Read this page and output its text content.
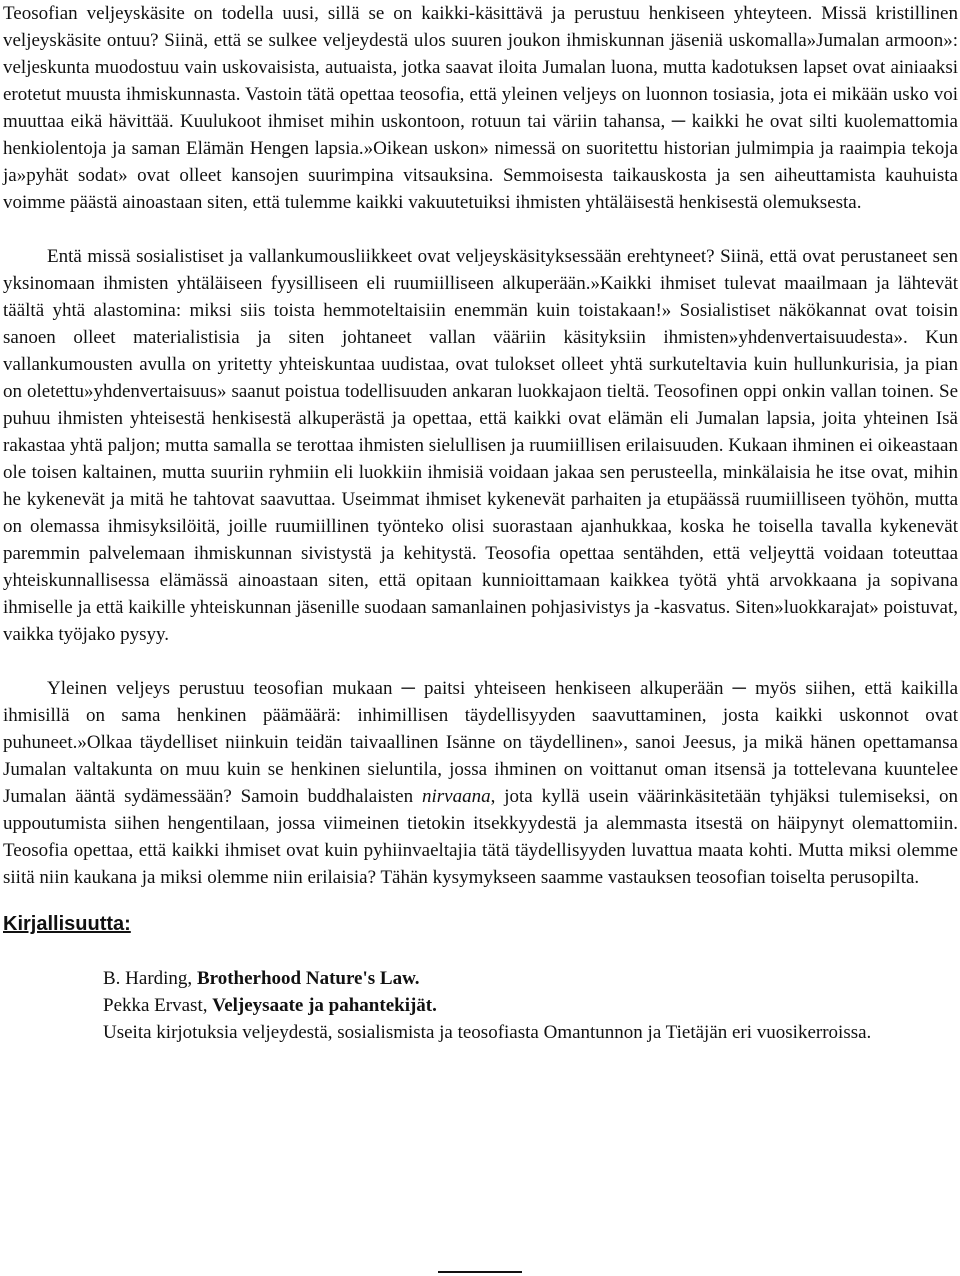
Teosofian veljeyskäsite on todella uusi, sillä se on kaikki-käsittävä ja perustuu henkiseen yhteyteen. Missä kristillinen veljeyskäsite ontuu? Siinä, että se sulkee veljeydestä ulos suuren joukon ihmiskunnan jäseniä uskomalla»Jumalan armoon»: veljeskunta muodostuu vain uskovaisista, autuaista, jotka saavat iloita Jumalan luona, mutta kadotuksen lapset ovat ainiaaksi erotetut muusta ihmiskunnasta. Vastoin tätä opettaa teosofia, että yleinen veljeys on luonnon tosiasia, jota ei mikään usko voi muuttaa eikä hävittää. Kuulukoot ihmiset mihin uskontoon, rotuun tai väriin tahansa, ─ kaikki he ovat silti kuolemattomia henkiolentoja ja saman Elämän Hengen lapsia.»Oikean uskon» nimessä on suoritettu historian julmimpia ja raaimpia tekoja ja»pyhät sodat» ovat olleet kansojen suurimpina vitsauksina. Semmoisesta taikauskosta ja sen aiheuttamista kauhuista voimme päästä ainoastaan siten, että tulemme kaikki vakuutetuiksi ihmisten yhtäläisestä henkisestä olemuksesta.

Entä missä sosialistiset ja vallankumousliikkeet ovat veljeyskäsityksessään erehtyneet? Siinä, että ovat perustaneet sen yksinomaan ihmisten yhtäläiseen fyysilliseen eli ruumiilliseen alkuperään.»Kaikki ihmiset tulevat maailmaan ja lähtevät täältä yhtä alastomina: miksi siis toista hemmoteltaisiin enemmän kuin toistakaan!» Sosialistiset näkökannat ovat toisin sanoen olleet materialistisia ja siten johtaneet vallan vääriin käsityksiin ihmisten»yhdenvertaisuudesta». Kun vallankumousten avulla on yritetty yhteiskuntaa uudistaa, ovat tulokset olleet yhtä surkuteltavia kuin hullunkurisia, ja pian on oletettu»yhdenvertaisuus» saanut poistua todellisuuden ankaran luokkajaon tieltä. Teosofinen oppi onkin vallan toinen. Se puhuu ihmisten yhteisestä henkisestä alkuperästä ja opettaa, että kaikki ovat elämän eli Jumalan lapsia, joita yhteinen Isä rakastaa yhtä paljon; mutta samalla se terottaa ihmisten sielullisen ja ruumiillisen erilaisuuden. Kukaan ihminen ei oikeastaan ole toisen kaltainen, mutta suuriin ryhmiin eli luokkiin ihmisiä voidaan jakaa sen perusteella, minkälaisia he itse ovat, mihin he kykenevät ja mitä he tahtovat saavuttaa. Useimmat ihmiset kykenevät parhaiten ja etupäässä ruumiilliseen työhön, mutta on olemassa ihmisyksilöitä, joille ruumiillinen työnteko olisi suorastaan ajanhukkaa, koska he toisella tavalla kykenevät paremmin palvelemaan ihmiskunnan sivistystä ja kehitystä. Teosofia opettaa sentähden, että veljeyttä voidaan toteuttaa yhteiskunnallisessa elämässä ainoastaan siten, että opitaan kunnioittamaan kaikkea työtä yhtä arvokkaana ja sopivana ihmiselle ja että kaikille yhteiskunnan jäsenille suodaan samanlainen pohjasivistys ja -kasvatus. Siten»luokkarajat» poistuvat, vaikka työjako pysyy.

Yleinen veljeys perustuu teosofian mukaan ─ paitsi yhteiseen henkiseen alkuperään ─ myös siihen, että kaikilla ihmisillä on sama henkinen päämäärä: inhimillisen täydellisyyden saavuttaminen, josta kaikki uskonnot ovat puhuneet.»Olkaa täydelliset niinkuin teidän taivaallinen Isänne on täydellinen», sanoi Jeesus, ja mikä hänen opettamansa Jumalan valtakunta on muu kuin se henkinen sieluntila, jossa ihminen on voittanut oman itsensä ja tottelevana kuuntelee Jumalan ääntä sydämessään? Samoin buddhalaisten nirvaana, jota kyllä usein väärinkäsitetään tyhjäksi tulemiseksi, on uppoutumista siihen hengentilaan, jossa viimeinen tietokin itsekkyydestä ja alemmasta itsestä on häipynyt olemattomiin. Teosofia opettaa, että kaikki ihmiset ovat kuin pyhiinvaeltajia tätä täydellisyyden luvattua maata kohti. Mutta miksi olemme siitä niin kaukana ja miksi olemme niin erilaisia? Tähän kysymykseen saamme vastauksen teosofian toiselta perusopilta.

Kirjallisuutta:

B. Harding, Brotherhood Nature's Law.

Pekka Ervast, Veljeysaate ja pahantekijät.

Useita kirjotuksia veljeydestä, sosialismista ja teosofiasta Omantunnon ja Tietäjän eri vuosikerroissa.
